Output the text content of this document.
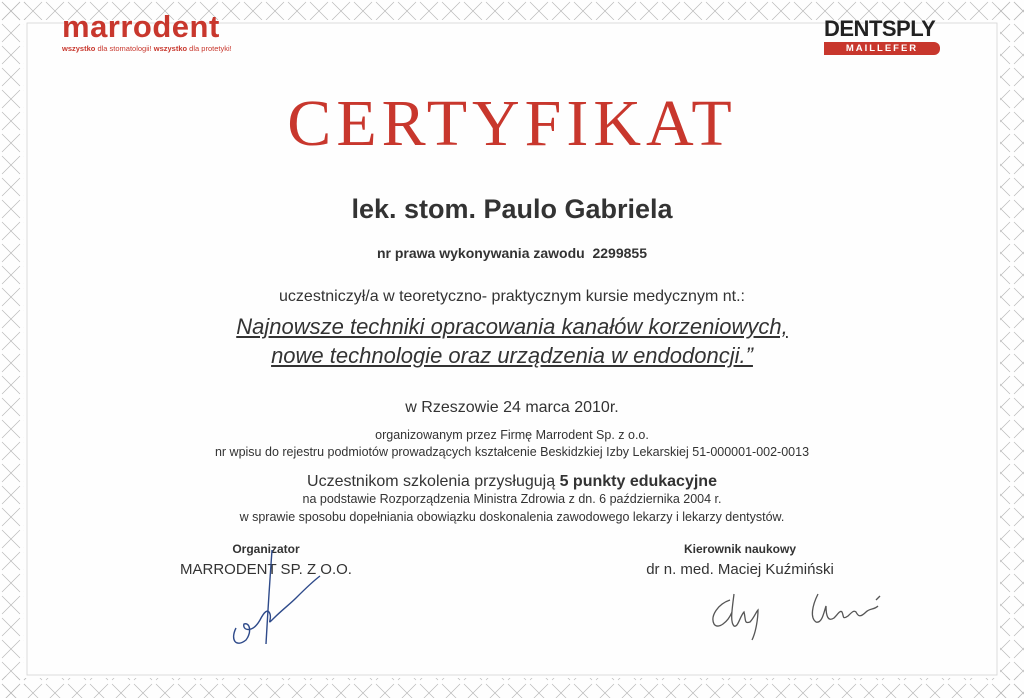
marrodent
wszystko dla stomatologii! wszystko dla protetyki!
DENTSPLY
MAILLEFER
CERTYFIKAT
lek. stom. Paulo Gabriela
nr prawa wykonywania zawodu 2299855
uczestniczył/a w teoretyczno- praktycznym kursie medycznym nt.:
Najnowsze techniki opracowania kanałów korzeniowych,
nowe technologie oraz urządzenia w endodoncji.”
w Rzeszowie 24 marca 2010r.
organizowanym przez Firmę Marrodent Sp. z o.o.
nr wpisu do rejestru podmiotów prowadzących kształcenie Beskidzkiej Izby Lekarskiej 51-000001-002-0013
Uczestnikom szkolenia przysługują 5 punkty edukacyjne
na podstawie Rozporządzenia Ministra Zdrowia z dn. 6 października 2004 r.
w sprawie sposobu dopełniania obowiązku doskonalenia zawodowego lekarzy i lekarzy dentystów.
Organizator
MARRODENT SP. Z O.O.
Kierownik naukowy
dr n. med. Maciej Kuźmiński
